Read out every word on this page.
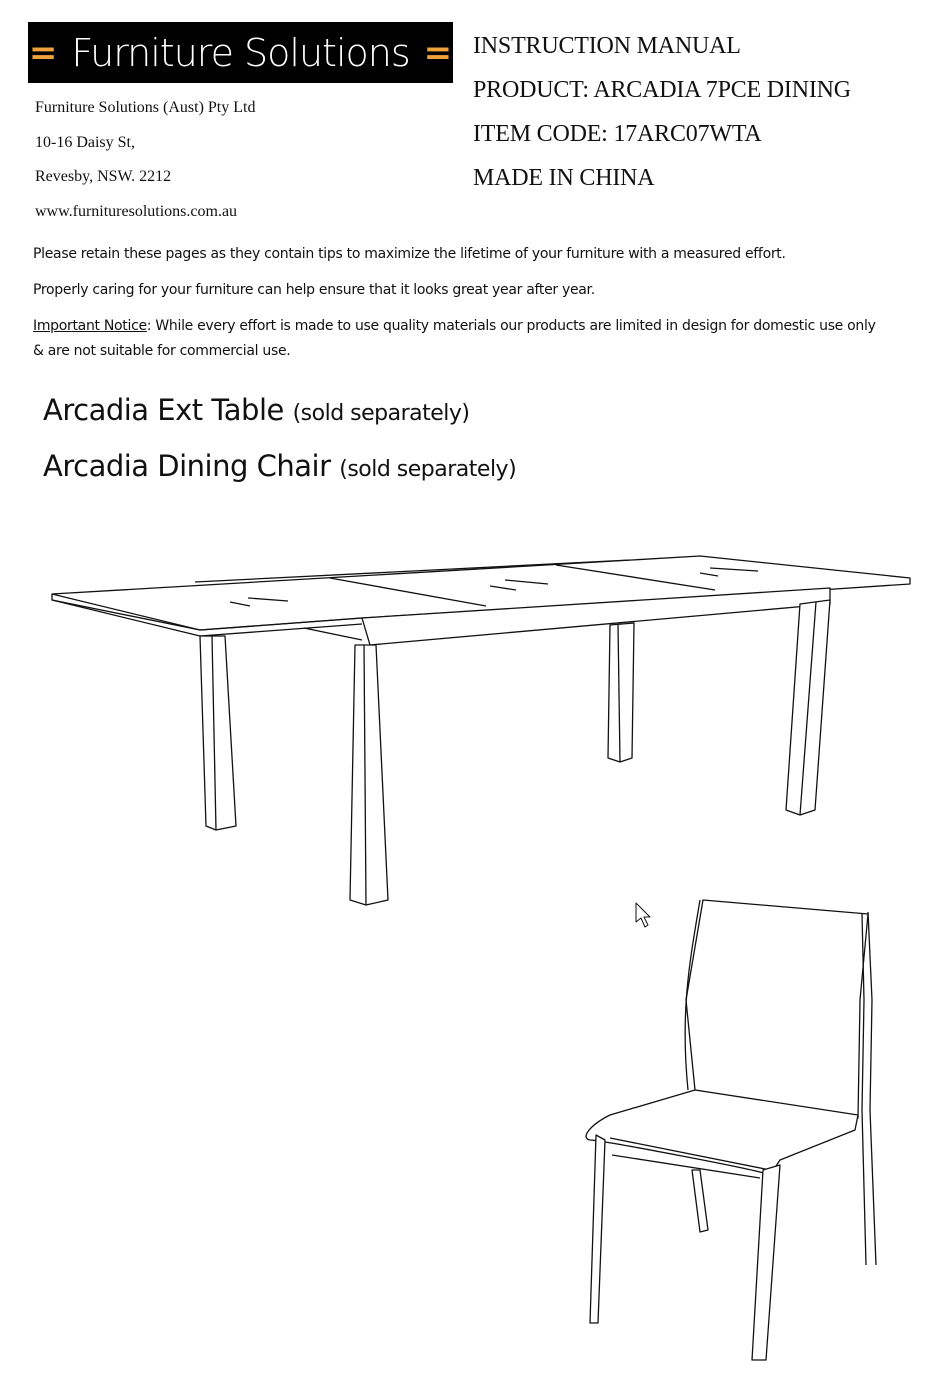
= Furniture Solutions =
Furniture Solutions (Aust) Pty Ltd
10-16 Daisy St,
Revesby, NSW. 2212
www.furnituresolutions.com.au
INSTRUCTION MANUAL
PRODUCT: ARCADIA 7PCE DINING
ITEM CODE: 17ARC07WTA
MADE IN CHINA
Please retain these pages as they contain tips to maximize the lifetime of your furniture with a measured effort.
Properly caring for your furniture can help ensure that it looks great year after year.
Important Notice: While every effort is made to use quality materials our products are limited in design for domestic use only
& are not suitable for commercial use.
Arcadia Ext Table (sold separately)
Arcadia Dining Chair (sold separately)
